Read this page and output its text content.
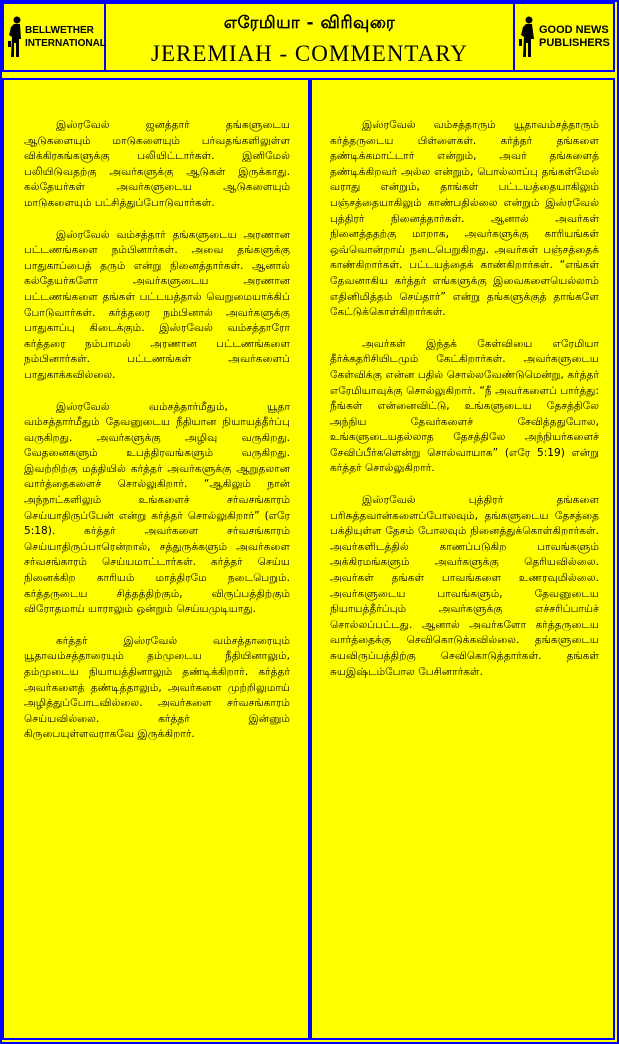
BELLWETHER
INTERNATIONAL
எரேமியா - விரிவுரை
JEREMIAH - COMMENTARY
GOOD NEWS
PUBLISHERS

இஸ்ரவேல் ஜனத்தார் தங்களுடைய ஆடுகளையும் மாடுகளையும் பர்வதங்களிலுள்ள விக்கிரகங்களுக்கு பலியிட்டார்கள். இனிமேல் பலியிடுவதற்கு அவர்களுக்கு ஆடுகள் இருக்காது. கல்தேயர்கள் அவர்களுடைய ஆடுகளையும் மாடுகளையும் பட்சித்துப்போடுவார்கள்.

இஸ்ரவேல் வம்சத்தார் தங்களுடைய அரணான பட்டணங்களை நம்பினார்கள். அவை தங்களுக்கு பாதுகாப்பைத் தரும் என்று நினைத்தார்கள். ஆனால் கல்தேயர்களோ அவர்களுடைய அரணான பட்டணங்களை தங்கள் பட்டயத்தால் வெறுமையாக்கிப் போடுவார்கள். கர்த்தரை நம்பினால் அவர்களுக்கு பாதுகாப்பு கிடைக்கும். இஸ்ரவேல் வம்சத்தாரோ கர்த்தரை நம்பாமல் அரணான பட்டணங்களை நம்பினார்கள். பட்டணங்கள் அவர்களைப் பாதுகாக்கவில்லை.

இஸ்ரவேல் வம்சத்தார்மீதும், யூதா வம்சத்தார்மீதும் தேவனுடைய நீதியான நியாயத்தீர்ப்பு வருகிறது. அவர்களுக்கு அழிவு வருகிறது. வேதனைகளும் உபத்திரவங்களும் வருகிறது. இவற்றிற்கு மத்தியில் கர்த்தர் அவர்களுக்கு ஆறுதலான வார்த்தைகளைச் சொல்லுகிறார். “ஆகிலும் நான் அந்நாட்களிலும் உங்களைச் சர்வசங்காரம் செய்யாதிருப்பேன் என்று கர்த்தர் சொல்லுகிறார்” (எரே 5:18). கர்த்தர் அவர்களை சர்வசங்காரம் செய்யாதிருப்பாரென்றால், சத்துருக்களும் அவர்களை சர்வசங்காரம் செய்யமாட்டார்கள். கர்த்தர் செய்ய நினைக்கிற காரியம் மாத்திரமே நடைபெறும். கர்த்தருடைய சித்தத்திற்கும், விருப்பத்திற்கும் விரோதமாய் யாராலும் ஒன்றும் செய்யமுடியாது.

கர்த்தர் இஸ்ரவேல் வம்சத்தாரையும் யூதாவம்சத்தாரையும் தம்முடைய நீதியினாலும், தம்முடைய நியாயத்தினாலும் தண்டிக்கிறார். கர்த்தர் அவர்களைத் தண்டித்தாலும், அவர்களை முற்றிலுமாய் அழித்துப்போடவில்லை. அவர்களை சர்வசங்காரம் செய்யவில்லை. கர்த்தர் இன்னும் கிருபையுள்ளவராகவே இருக்கிறார்.

இஸ்ரவேல் வம்சத்தாரும் யூதாவம்சத்தாரும் கர்த்தருடைய பிள்ளைகள். கர்த்தர் தங்களை தண்டிக்கமாட்டார் என்றும், அவர் தங்களைத் தண்டிக்கிறவர் அல்ல என்றும், பொல்லாப்பு தங்கள்மேல் வராது என்றும், தாங்கள் பட்டயத்தையாகிலும் பஞ்சத்தையாகிலும் காண்பதில்லை என்றும் இஸ்ரவேல் புத்திரர் நினைத்தார்கள். ஆனால் அவர்கள் நினைத்ததற்கு மாறாக, அவர்களுக்கு காரியங்கள் ஒவ்வொன்றாய் நடைபெறுகிறது. அவர்கள் பஞ்சத்தைக் காண்கிறார்கள். பட்டயத்தைக் காண்கிறார்கள். “எங்கள் தேவனாகிய கர்த்தர் எங்களுக்கு இவைகளையெல்லாம் எதினிமித்தம் செய்தார்” என்று தங்களுக்குத் தாங்களே கேட்டுக்கொள்கிறார்கள்.

அவர்கள் இந்தக் கேள்வியை எரேமியா தீர்க்கதரிசியிடமும் கேட்கிறார்கள். அவர்களுடைய கேள்விக்கு என்ன பதில் சொல்லவேண்டுமென்று, கர்த்தர் எரேமியாவுக்கு சொல்லுகிறார். “நீ அவர்களைப் பார்த்து: நீங்கள் என்னைவிட்டு, உங்களுடைய தேசத்திலே அந்நிய தேவர்களைச் சேவித்ததுபோல, உங்களுடையதல்லாத தேசத்திலே அந்நியர்களைச் சேவிப்பீர்களென்று சொல்வாயாக” (எரே 5:19) என்று கர்த்தர் சொல்லுகிறார்.

இஸ்ரவேல் புத்திரர் தங்களை பரிசுத்தவான்களைப்போலவும், தங்களுடைய தேசத்தை பக்தியுள்ள தேசம் போலவும் நினைத்துக்கொள்கிறார்கள். அவர்களிடத்தில் காணப்படுகிற பாவங்களும் அக்கிரமங்களும் அவர்களுக்கு தெரியவில்லை. அவர்கள் தங்கள் பாவங்களை உணரவுமில்லை. அவர்களுடைய பாவங்களும், தேவனுடைய நியாயத்தீர்ப்பும் அவர்களுக்கு எச்சரிப்பாய்ச் சொல்லப்பட்டது. ஆனால் அவர்களோ கர்த்தருடைய வார்த்தைக்கு செவிகொடுக்கவில்லை. தங்களுடைய சுயவிருப்பத்திற்கு செவிகொடுத்தார்கள். தங்கள் சுயஇஷ்டம்போல பேசினார்கள்.
